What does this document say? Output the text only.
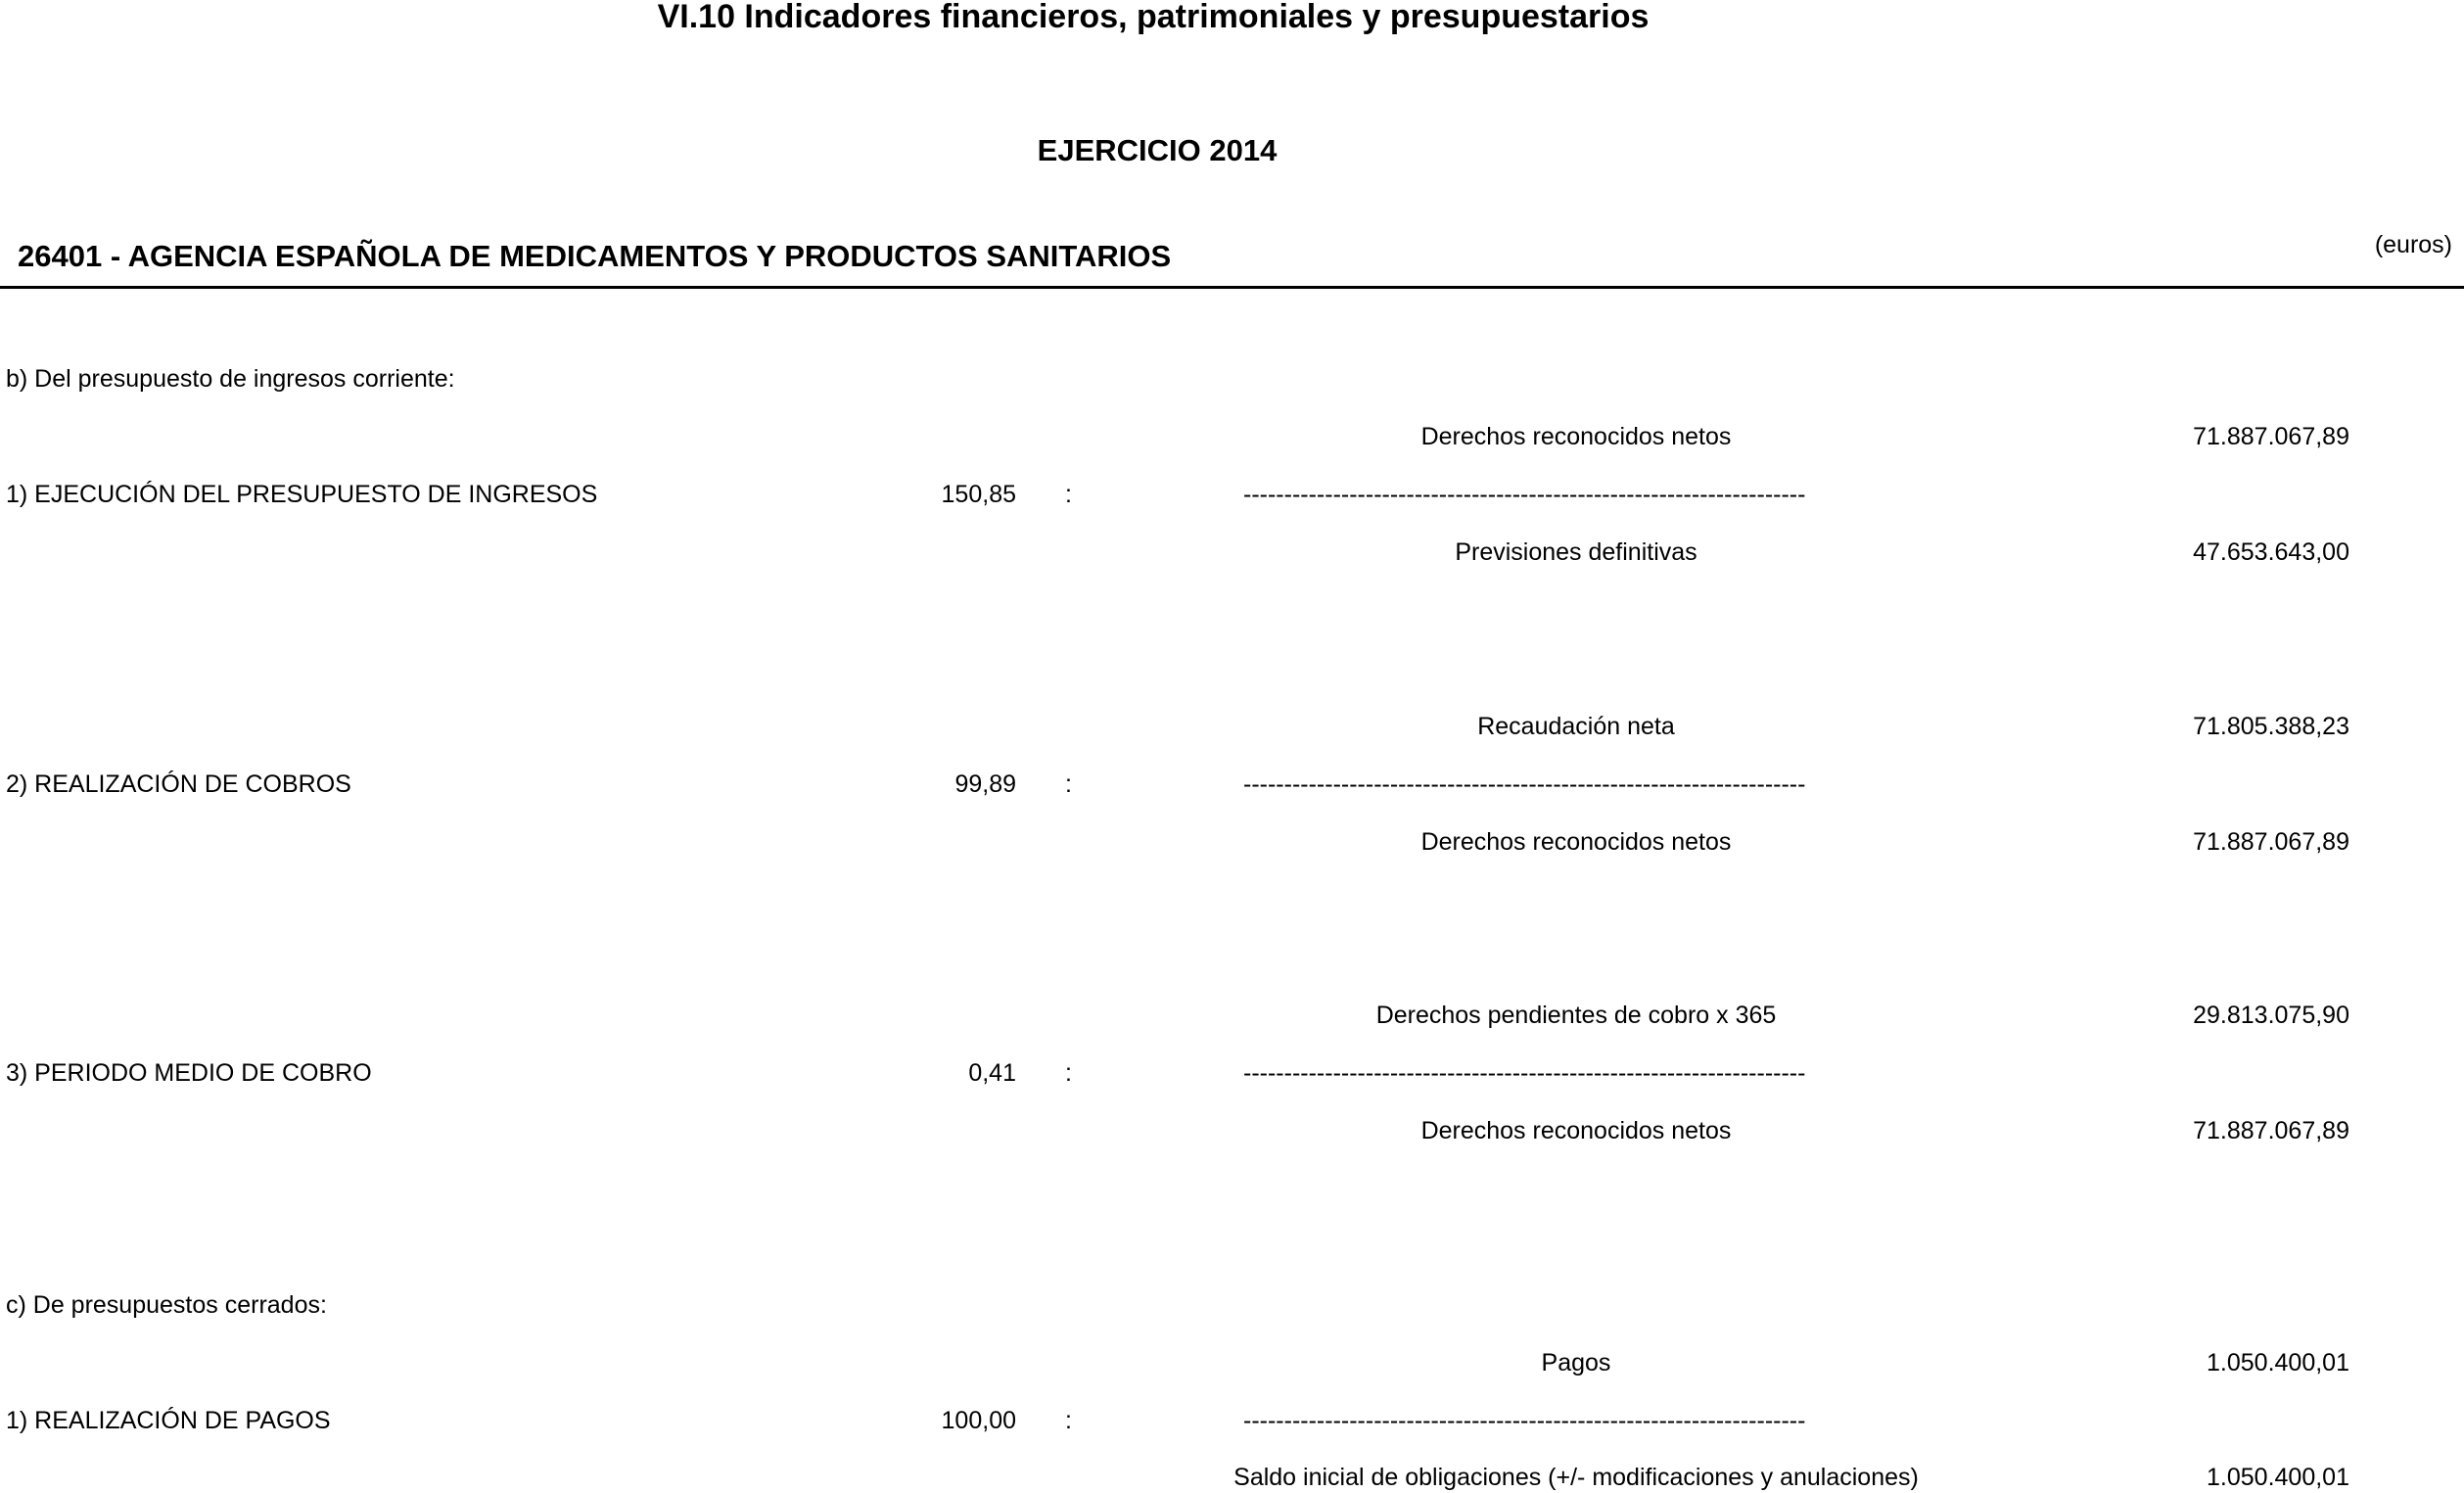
VI.10 Indicadores financieros, patrimoniales y presupuestarios
EJERCICIO 2014
26401 - AGENCIA ESPAÑOLA DE MEDICAMENTOS Y PRODUCTOS SANITARIOS	(euros)
b) Del presupuesto de ingresos corriente:
Derechos reconocidos netos	71.887.067,89
1) EJECUCIÓN DEL PRESUPUESTO DE INGRESOS	150,85 :	---------------------------------------------------------------------
Previsiones definitivas	47.653.643,00
Recaudación neta	71.805.388,23
2) REALIZACIÓN DE COBROS	99,89 :	---------------------------------------------------------------------
Derechos reconocidos netos	71.887.067,89
Derechos pendientes de cobro x 365	29.813.075,90
3) PERIODO MEDIO DE COBRO	0,41 :	---------------------------------------------------------------------
Derechos reconocidos netos	71.887.067,89
c) De presupuestos cerrados:
Pagos	1.050.400,01
1) REALIZACIÓN DE PAGOS	100,00 :	---------------------------------------------------------------------
Saldo inicial de obligaciones (+/- modificaciones y anulaciones)	1.050.400,01
